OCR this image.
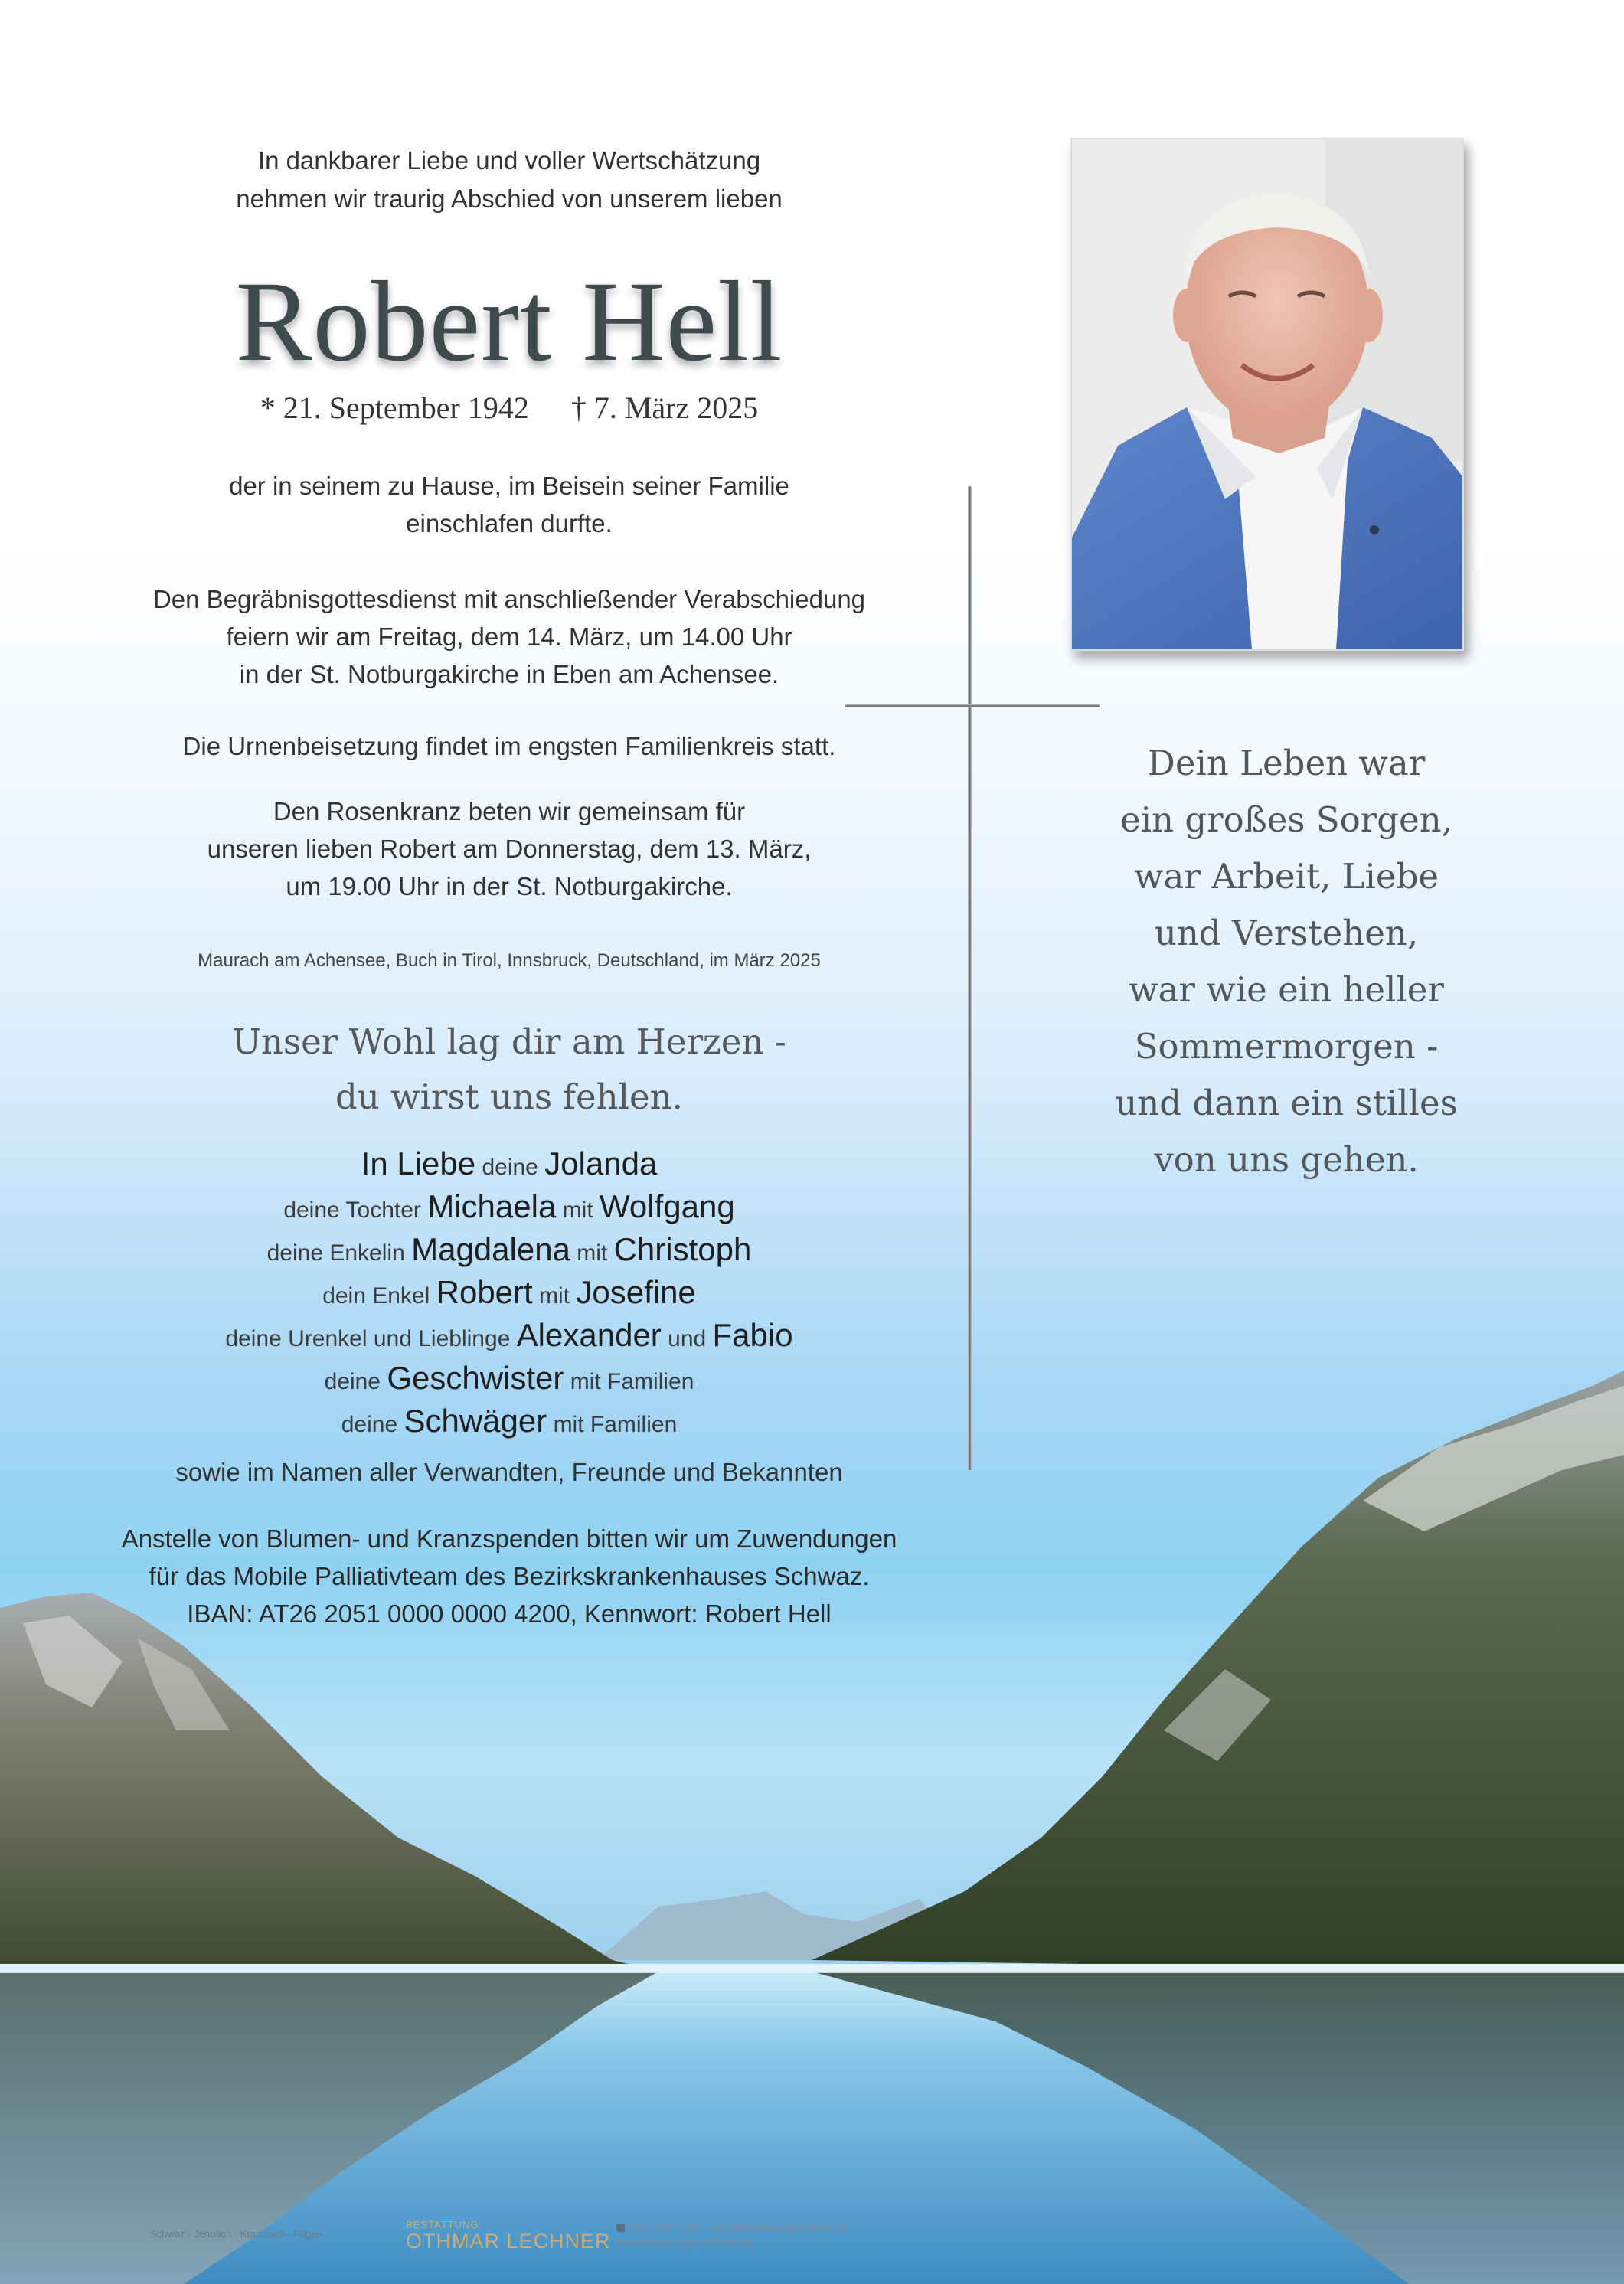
In dankbarer Liebe und voller Wertschätzung
nehmen wir traurig Abschied von unserem lieben
Robert Hell
* 21. September 1942 † 7. März 2025
der in seinem zu Hause, im Beisein seiner Familie
einschlafen durfte.
Den Begräbnisgottesdienst mit anschließender Verabschiedung
feiern wir am Freitag, dem 14. März, um 14.00 Uhr
in der St. Notburgakirche in Eben am Achensee.
Die Urnenbeisetzung findet im engsten Familienkreis statt.
Den Rosenkranz beten wir gemeinsam für
unseren lieben Robert am Donnerstag, dem 13. März,
um 19.00 Uhr in der St. Notburgakirche.
Maurach am Achensee, Buch in Tirol, Innsbruck, Deutschland, im März 2025
Unser Wohl lag dir am Herzen -
du wirst uns fehlen.
In Liebe deine Jolanda
deine Tochter Michaela mit Wolfgang
deine Enkelin Magdalena mit Christoph
dein Enkel Robert mit Josefine
deine Urenkel und Lieblinge Alexander und Fabio
deine Geschwister mit Familien
deine Schwäger mit Familien
sowie im Namen aller Verwandten, Freunde und Bekannten
Anstelle von Blumen- und Kranzspenden bitten wir um Zuwendungen
für das Mobile Palliativteam des Bezirkskrankenhauses Schwaz.
IBAN: AT26 2051 0000 0000 4200, Kennwort: Robert Hell
Dein Leben war
ein großes Sorgen,
war Arbeit, Liebe
und Verstehen,
war wie ein heller
Sommermorgen -
und dann ein stilles
von uns gehen.
Schwaz · Jenbach · Kramsach · Fügen
BESTATTUNG
OTHMAR LECHNER
050 1717 140 · info@bestattung-lechner.at
www.bestattung-lechner.at
